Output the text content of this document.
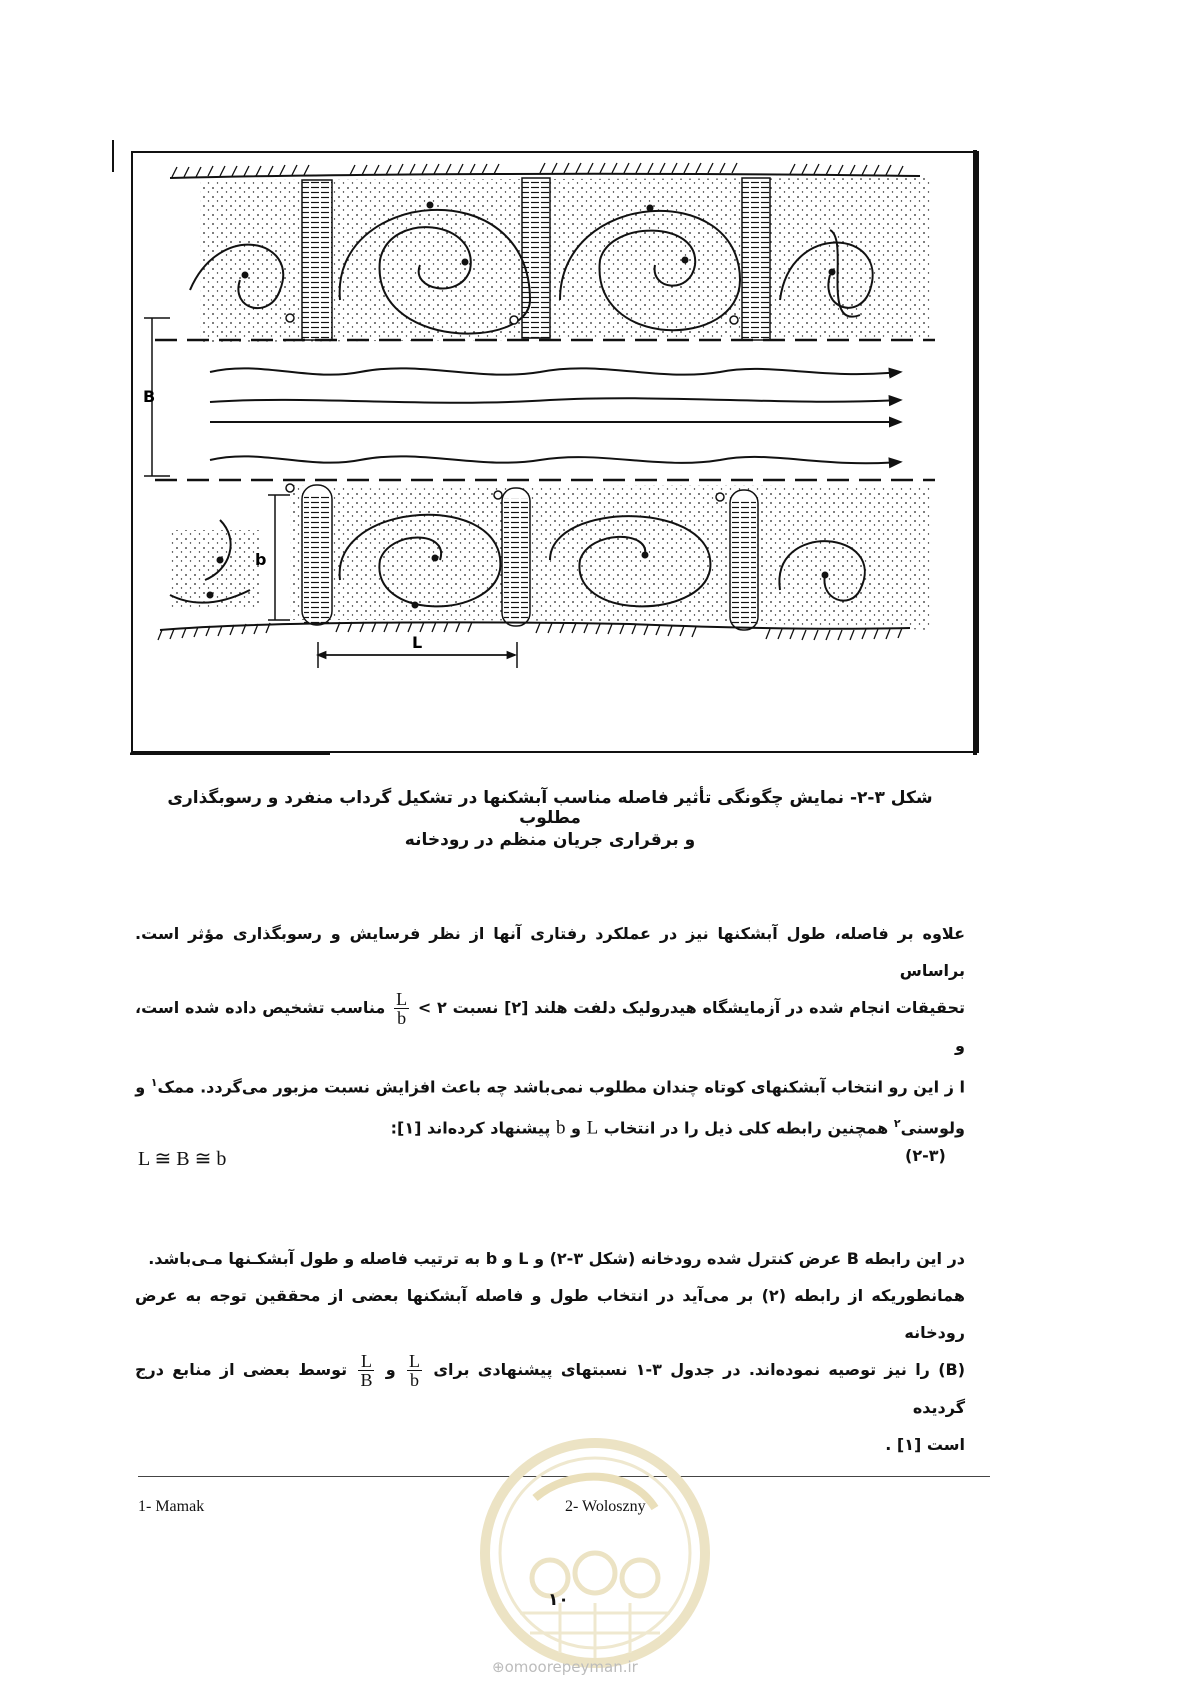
B
b
L
شکل ۳-۲- نمایش چگونگی تأثیر فاصله مناسب آبشکنها در تشکیل گرداب منفرد و رسوبگذاری مطلوب
و برقراری جریان منظم در رودخانه
علاوه بر فاصله، طول آبشکنها نیز در عملکرد رفتاری آنها از نظر فرسایش و رسوبگذاری مؤثر است. براساس
تحقیقات انجام شده در آزمایشگاه هیدرولیک دلفت هلند [۲] نسبت ۲ >
$\frac{L}{b}$
مناسب تشخیص داده شده است، و
ا ز این رو انتخاب آبشکنهای کوتاه چندان مطلوب نمی‌باشد چه باعث افزایش نسبت مزبور می‌گردد. ممک$^۱$ و
ولوسنی$^۲$ همچنین رابطه کلی ذیل را در انتخاب L و b پیشنهاد کرده‌اند [۱]:
L ≅ B ≅ b	(۲-۳)
در این رابطه B عرض کنترل شده رودخانه (شکل ۳-۲) و L و b به ترتیب فاصله و طول آبشکـنها مـی‌باشد.
همانطوریکه از رابطه (۲) بر می‌آید در انتخاب طول و فاصله آبشکنها بعضی از محققین توجه به عرض رودخانه
(B) را نیز توصیه نموده‌اند. در جدول ۳-۱ نسبتهای پیشنهادی برای
$\frac{L}{b}$
و
$\frac{L}{B}$
توسط بعضی از منابع درج گردیده
است [۱] .
1- Mamak	2- Woloszny
۱۰
⊕omoorepeyman.ir
